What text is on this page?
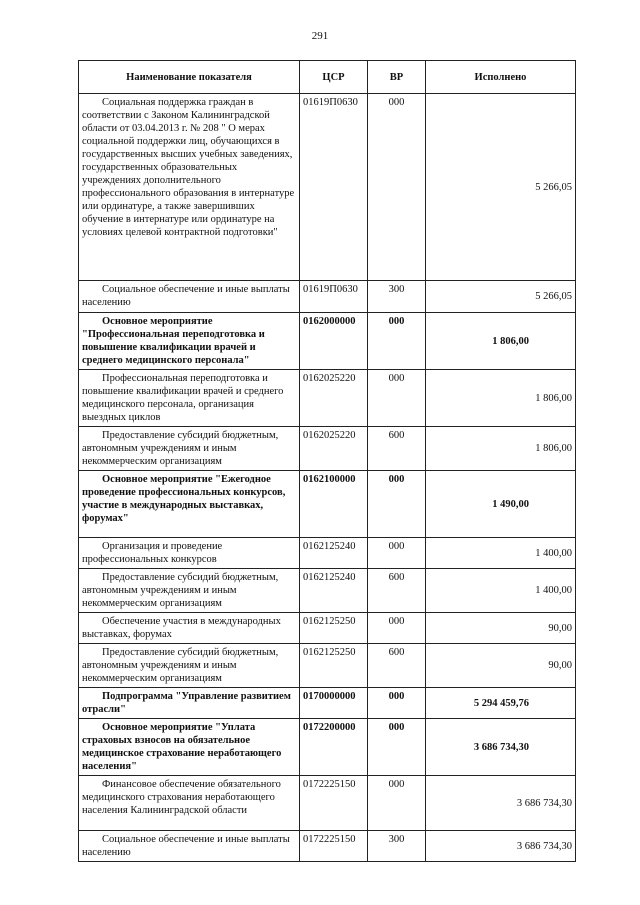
291
Наименование показателя	ЦСР	ВР	Исполнено
Социальная поддержка граждан в соответствии с Законом Калининградской области от 03.04.2013 г. № 208 " О мерах социальной поддержки лиц, обучающихся в государственных высших учебных заведениях, государственных образовательных учреждениях дополнительного профессионального образования в интернатуре или ординатуре, а также завершивших обучение в интернатуре или ординатуре на условиях целевой контрактной подготовки"	01619П0630	000	5 266,05
Социальное обеспечение и иные выплаты населению	01619П0630	300	5 266,05
Основное мероприятие "Профессиональная переподготовка и повышение квалификации врачей и среднего медицинского персонала"	0162000000	000	1 806,00
Профессиональная переподготовка и повышение квалификации врачей и среднего медицинского персонала, организация выездных циклов	0162025220	000	1 806,00
Предоставление субсидий бюджетным, автономным учреждениям и иным некоммерческим организациям	0162025220	600	1 806,00
Основное мероприятие "Ежегодное проведение профессиональных конкурсов, участие в международных выставках, форумах"	0162100000	000	1 490,00
Организация и проведение профессиональных конкурсов	0162125240	000	1 400,00
Предоставление субсидий бюджетным, автономным учреждениям и иным некоммерческим организациям	0162125240	600	1 400,00
Обеспечение участия в международных выставках, форумах	0162125250	000	90,00
Предоставление субсидий бюджетным, автономным учреждениям и иным некоммерческим организациям	0162125250	600	90,00
Подпрограмма "Управление развитием отрасли"	0170000000	000	5 294 459,76
Основное мероприятие "Уплата страховых взносов на обязательное медицинское страхование неработающего населения"	0172200000	000	3 686 734,30
Финансовое обеспечение обязательного медицинского страхования неработающего населения Калининградской области	0172225150	000	3 686 734,30
Социальное обеспечение и иные выплаты населению	0172225150	300	3 686 734,30
